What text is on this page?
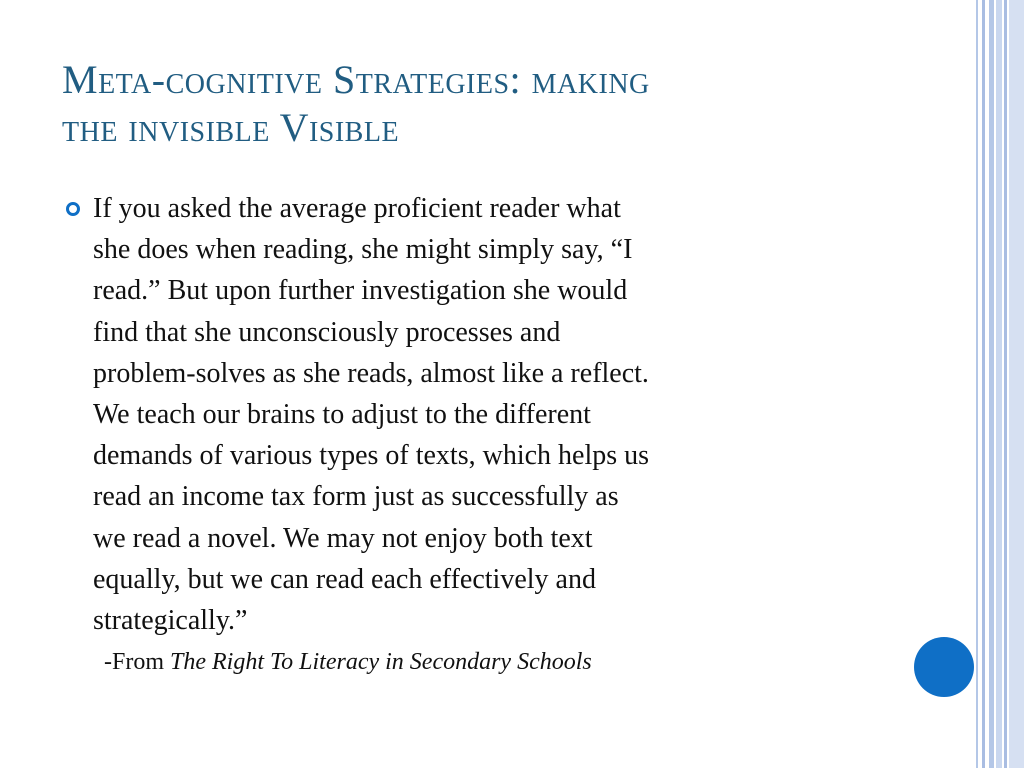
Meta-cognitive Strategies: making
the invisible Visible

If you asked the average proficient reader what
she does when reading, she might simply say, “I
read.” But upon further investigation she would
find that she unconsciously processes and
problem-solves as she reads, almost like a reflect.
We teach our brains to adjust to the different
demands of various types of texts, which helps us
read an income tax form just as successfully as
we read a novel. We may not enjoy both text
equally, but we can read each effectively and
strategically.”

-From The Right To Literacy in Secondary Schools
